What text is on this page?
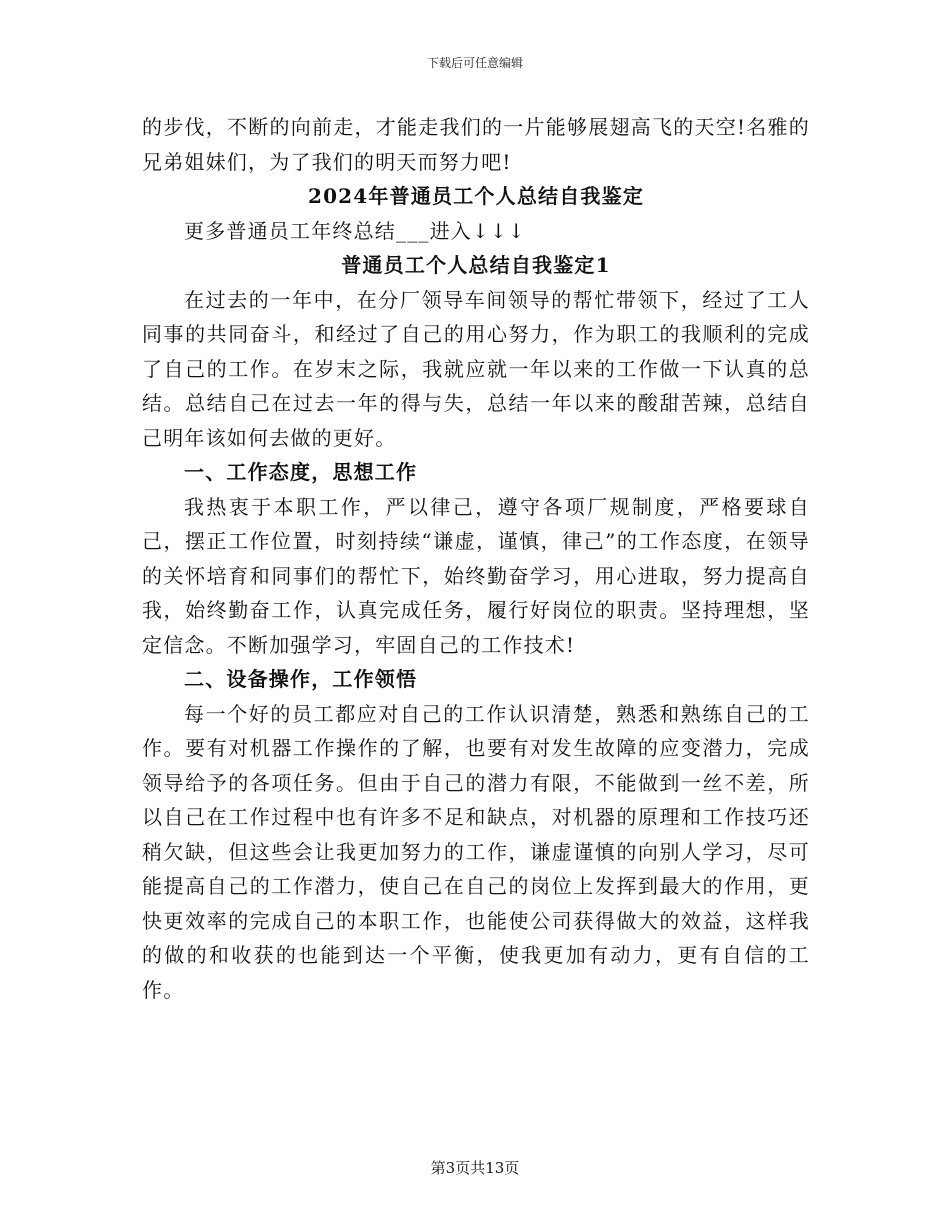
下载后可任意编辑

的步伐，不断的向前走，才能走我们的一片能够展翅高飞的天空!名雅的兄弟姐妹们，为了我们的明天而努力吧!

2024年普通员工个人总结自我鉴定

更多普通员工年终总结___进入↓↓↓

普通员工个人总结自我鉴定1

在过去的一年中，在分厂领导车间领导的帮忙带领下，经过了工人同事的共同奋斗，和经过了自己的用心努力，作为职工的我顺利的完成了自己的工作。在岁末之际，我就应就一年以来的工作做一下认真的总结。总结自己在过去一年的得与失，总结一年以来的酸甜苦辣，总结自己明年该如何去做的更好。

一、工作态度，思想工作

我热衷于本职工作，严以律己，遵守各项厂规制度，严格要球自己，摆正工作位置，时刻持续“谦虚，谨慎，律己”的工作态度，在领导的关怀培育和同事们的帮忙下，始终勤奋学习，用心进取，努力提高自我，始终勤奋工作，认真完成任务，履行好岗位的职责。坚持理想，坚定信念。不断加强学习，牢固自己的工作技术!

二、设备操作，工作领悟

每一个好的员工都应对自己的工作认识清楚，熟悉和熟练自己的工作。要有对机器工作操作的了解，也要有对发生故障的应变潜力，完成领导给予的各项任务。但由于自己的潜力有限，不能做到一丝不差，所以自己在工作过程中也有许多不足和缺点，对机器的原理和工作技巧还稍欠缺，但这些会让我更加努力的工作，谦虚谨慎的向别人学习，尽可能提高自己的工作潜力，使自己在自己的岗位上发挥到最大的作用，更快更效率的完成自己的本职工作，也能使公司获得做大的效益，这样我的做的和收获的也能到达一个平衡，使我更加有动力，更有自信的工作。

第3页共13页
